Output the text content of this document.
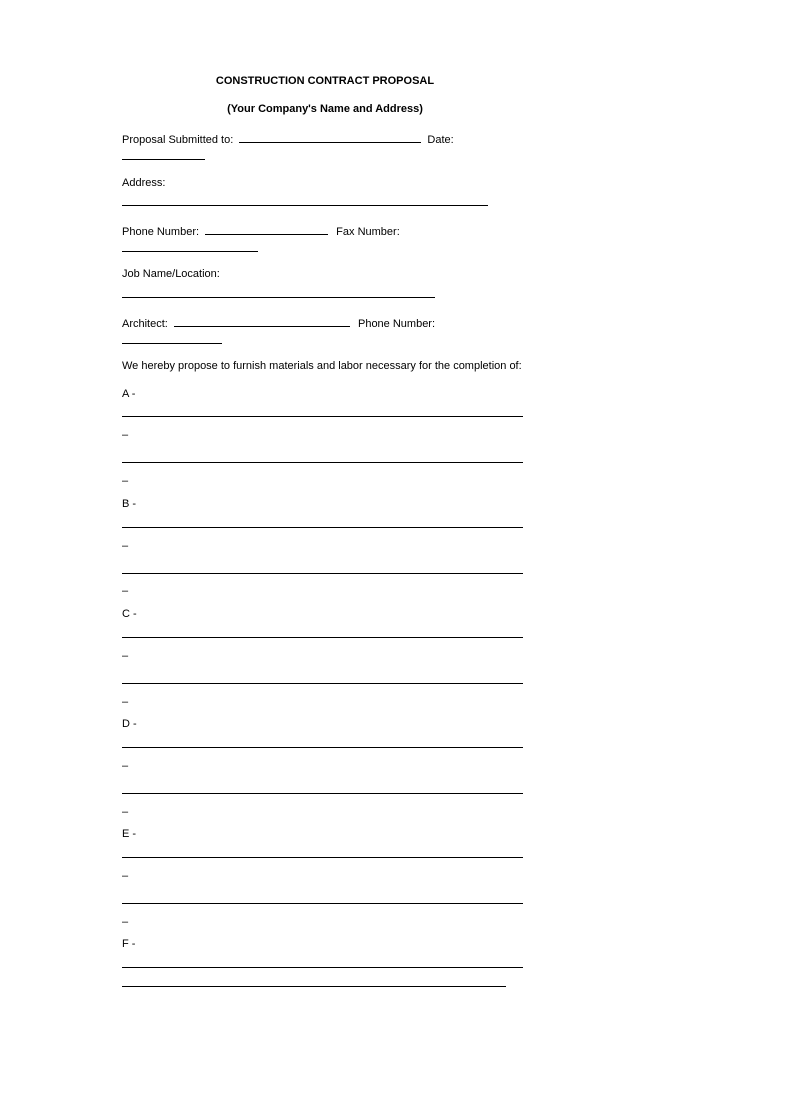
CONSTRUCTION CONTRACT PROPOSAL
(Your Company's Name and Address)
Proposal Submitted to:	Date:
Address:
Phone Number:	Fax Number:
Job Name/Location:
Architect:	Phone Number:
We hereby propose to furnish materials and labor necessary for the completion of:
A -
–
–
B -
–
–
C -
–
–
D -
–
–
E -
–
–
F -
